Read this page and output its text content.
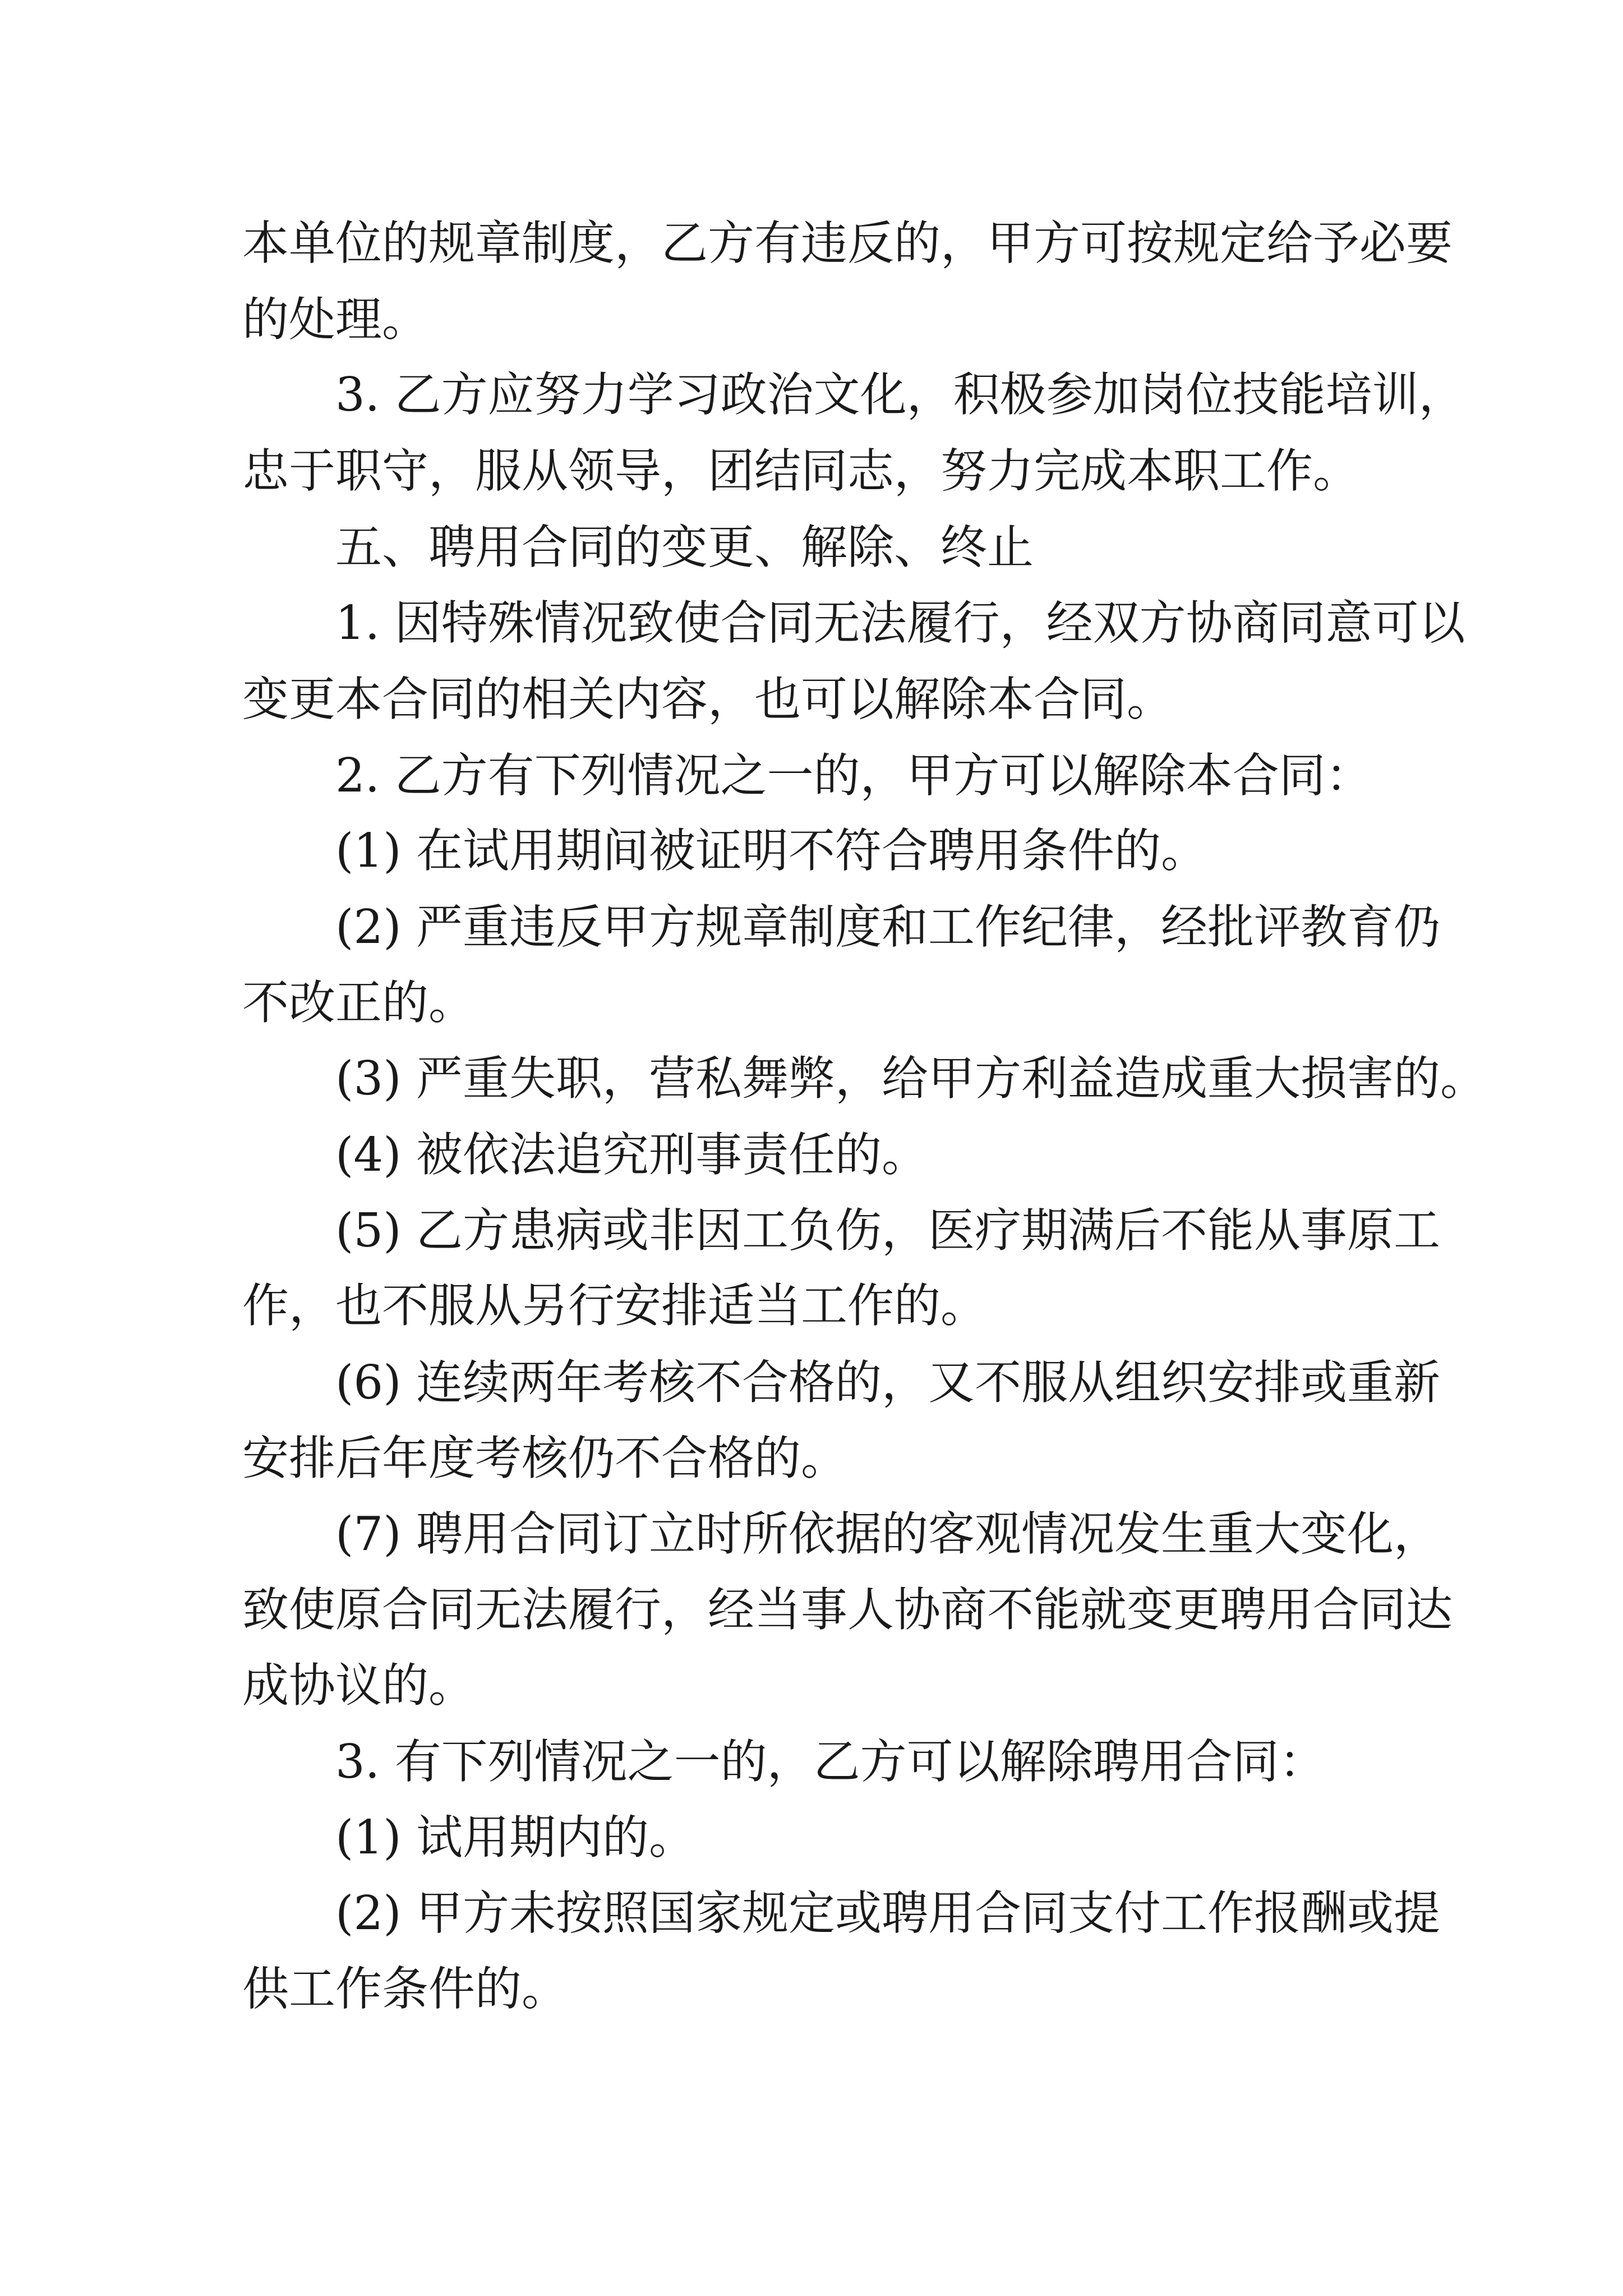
本单位的规章制度，乙方有违反的，甲方可按规定给予必要
的处理。
3. 乙方应努力学习政治文化，积极参加岗位技能培训，
忠于职守，服从领导，团结同志，努力完成本职工作。
五、聘用合同的变更、解除、终止
1. 因特殊情况致使合同无法履行，经双方协商同意可以
变更本合同的相关内容，也可以解除本合同。
2. 乙方有下列情况之一的，甲方可以解除本合同：
(1) 在试用期间被证明不符合聘用条件的。
(2) 严重违反甲方规章制度和工作纪律，经批评教育仍
不改正的。
(3) 严重失职，营私舞弊，给甲方利益造成重大损害的。
(4) 被依法追究刑事责任的。
(5) 乙方患病或非因工负伤，医疗期满后不能从事原工
作，也不服从另行安排适当工作的。
(6) 连续两年考核不合格的，又不服从组织安排或重新
安排后年度考核仍不合格的。
(7) 聘用合同订立时所依据的客观情况发生重大变化，
致使原合同无法履行，经当事人协商不能就变更聘用合同达
成协议的。
3. 有下列情况之一的，乙方可以解除聘用合同：
(1) 试用期内的。
(2) 甲方未按照国家规定或聘用合同支付工作报酬或提
供工作条件的。
